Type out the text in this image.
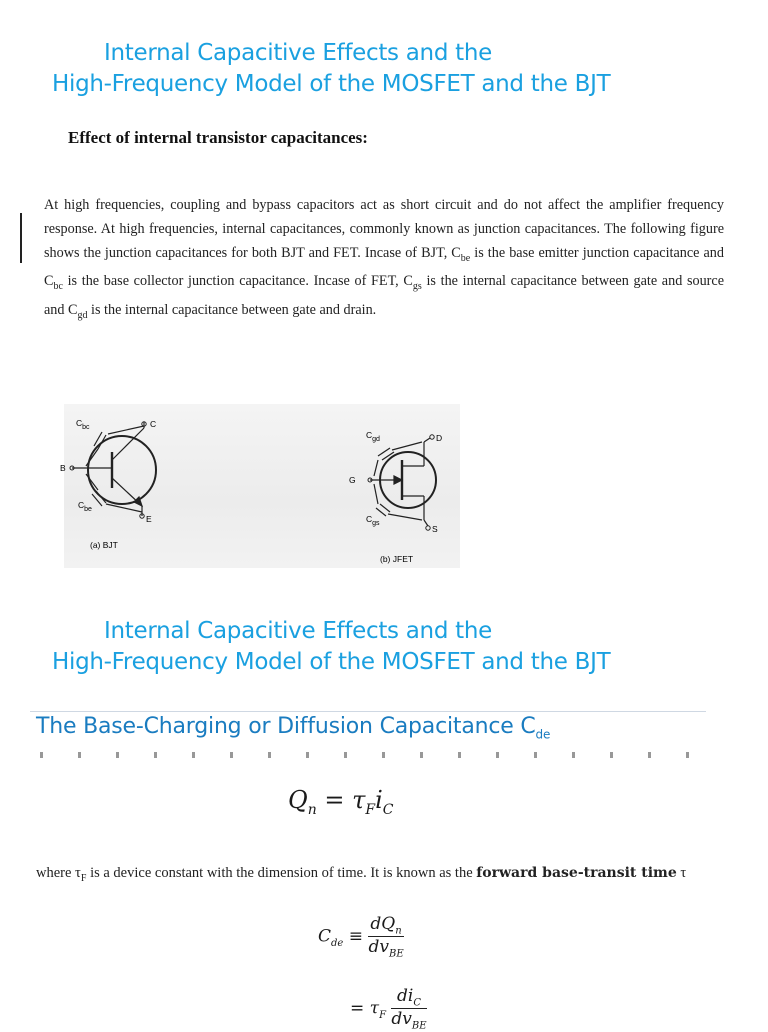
Internal Capacitive Effects and the
High-Frequency Model of the MOSFET and the BJT
Effect of internal transistor capacitances:
At high frequencies, coupling and bypass capacitors act as short circuit and do not affect the amplifier frequency response. At high frequencies, internal capacitances, commonly known as junction capacitances. The following figure shows the junction capacitances for both BJT and FET. Incase of BJT, $C_{be}$ is the base emitter junction capacitance and $C_{bc}$ is the base collector junction capacitance. Incase of FET, $C_{gs}$ is the internal capacitance between gate and source and $C_{gd}$ is the internal capacitance between gate and drain.
$C_{bc}$	C
B
E
$C_{be}$
(a) BJT
$C_{gd}$	D
G
S
$C_{gs}$
(b) JFET
Internal Capacitive Effects and the
High-Frequency Model of the MOSFET and the BJT
The Base-Charging or Diffusion Capacitance $C_{de}$
$Q_n = \tau_Fi_C$
where $\tau_F$ is a device constant with the dimension of time. It is known as the forward base-transit time τ
$C_{de} \equiv \frac{dQ_n}{dv_{BE}}$
= $\tau_F \frac{di_C}{dv_{BE}}$
